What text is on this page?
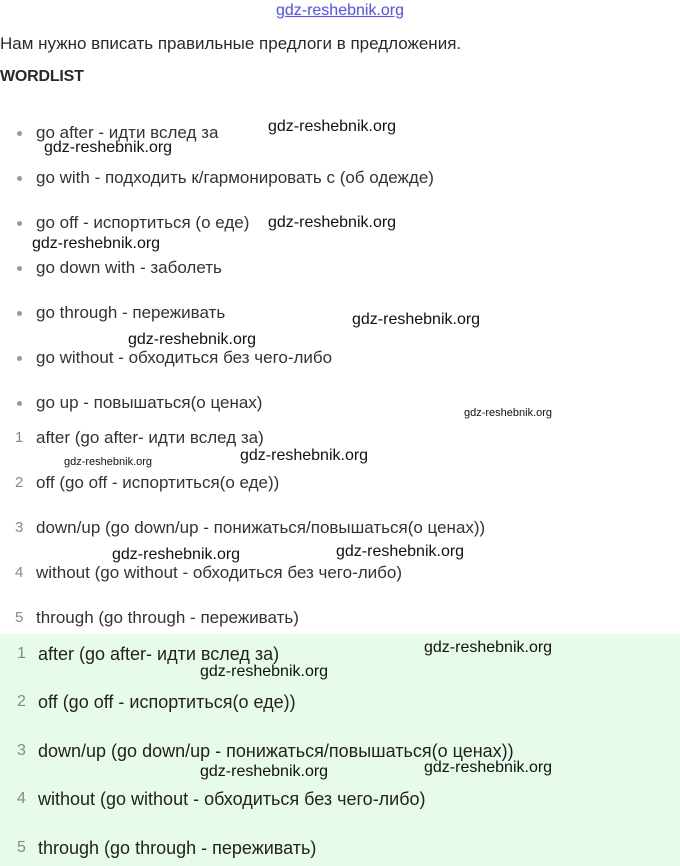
gdz-reshebnik.org
Нам нужно вписать правильные предлоги в предложения.
WORDLIST
go after - идти вслед за
go with - подходить к/гармонировать с (об одежде)
go off - испортиться (о еде)
go down with - заболеть
go through - переживать
go without - обходиться без чего-либо
go up - повышаться(о ценах)
1 after (go after- идти вслед за)
2 off (go off - испортиться(о еде))
3 down/up (go down/up - понижаться/повышаться(о ценах))
4 without (go without - обходиться без чего-либо)
5 through (go through - переживать)
1 after (go after- идти вслед за)
2 off (go off - испортиться(о еде))
3 down/up (go down/up - понижаться/повышаться(о ценах))
4 without (go without - обходиться без чего-либо)
5 through (go through - переживать)
gdz-reshebnik.org
gdz-reshebnik.org
gdz-reshebnik.org
gdz-reshebnik.org
gdz-reshebnik.org
gdz-reshebnik.org
gdz-reshebnik.org
gdz-reshebnik.org
gdz-reshebnik.org
gdz-reshebnik.org	gdz-reshebnik.org
gdz-reshebnik.org
gdz-reshebnik.org
gdz-reshebnik.org	gdz-reshebnik.org
